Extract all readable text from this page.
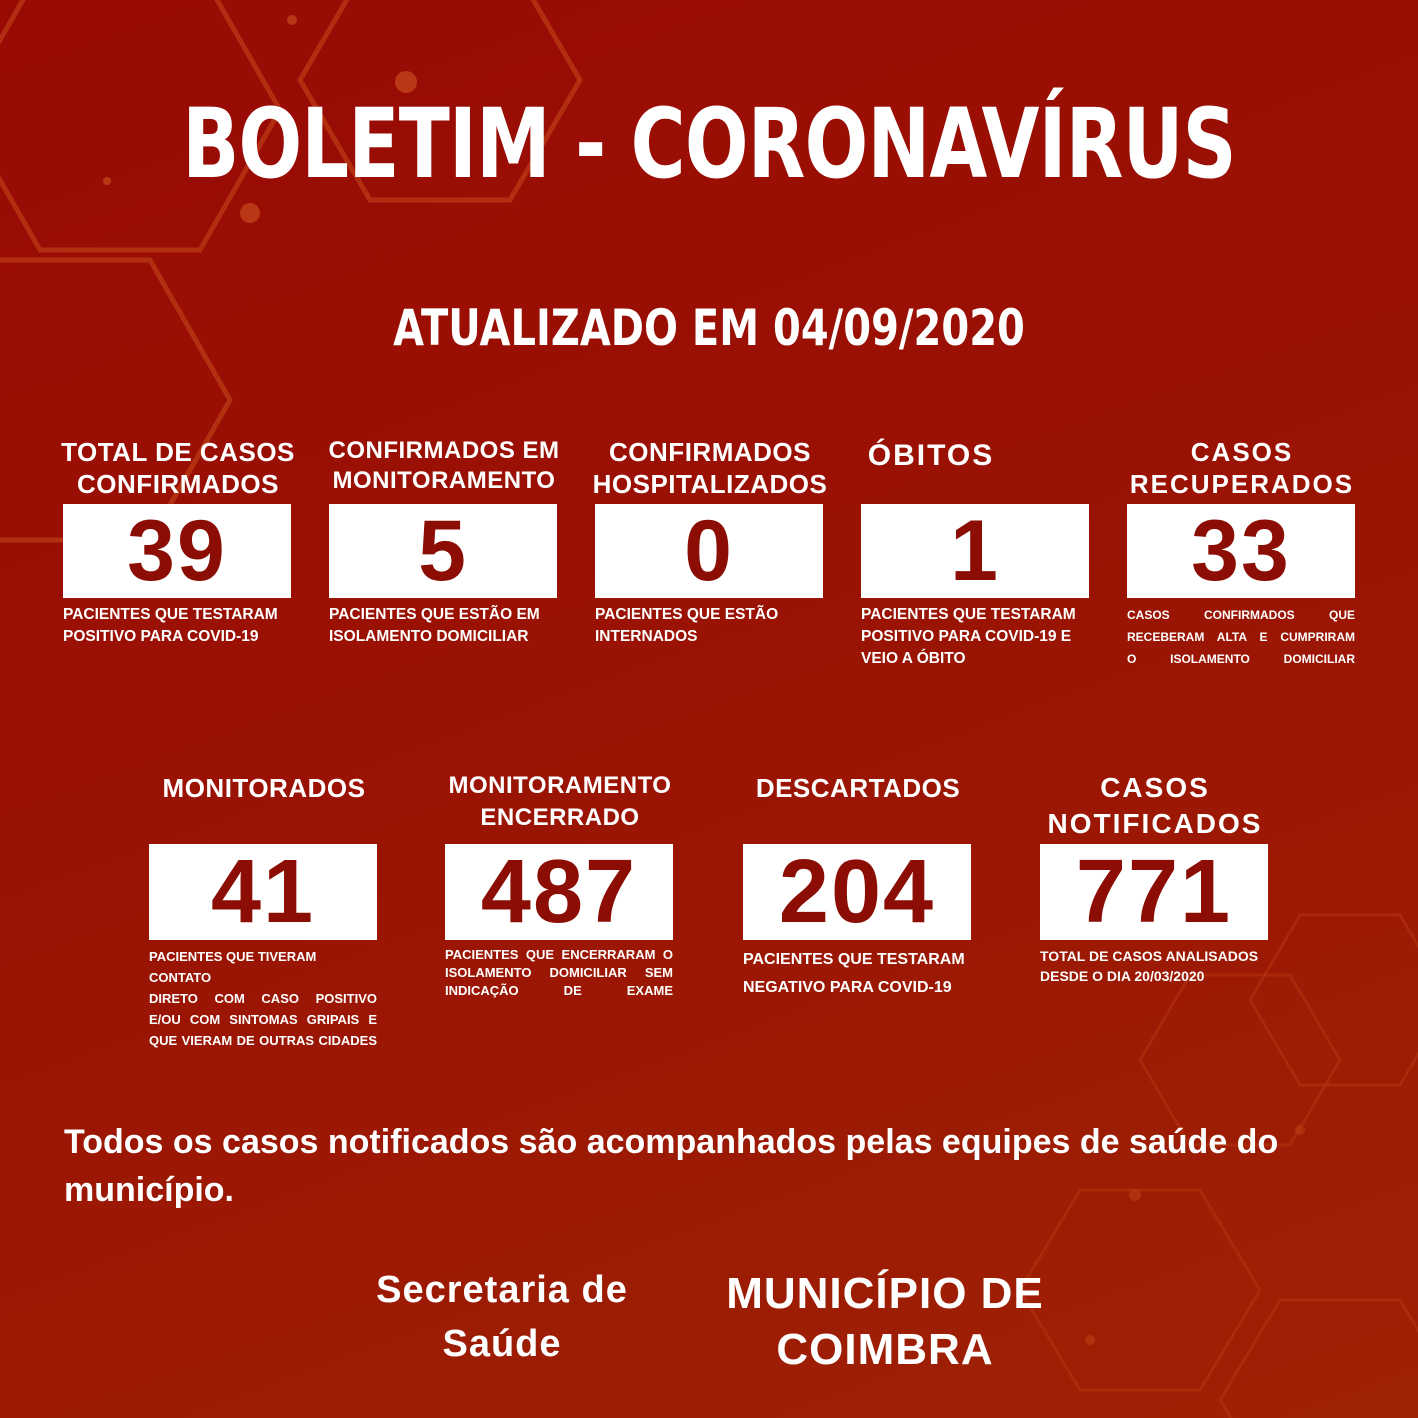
BOLETIM - CORONAVÍRUS
ATUALIZADO EM 04/09/2020
TOTAL DE CASOS
CONFIRMADOS
39
PACIENTES QUE TESTARAM
POSITIVO PARA COVID-19
CONFIRMADOS EM
MONITORAMENTO
5
PACIENTES QUE ESTÃO EM
ISOLAMENTO DOMICILIAR
CONFIRMADOS
HOSPITALIZADOS
0
PACIENTES QUE ESTÃO
INTERNADOS
ÓBITOS
1
PACIENTES QUE TESTARAM
POSITIVO PARA COVID-19 E
VEIO A ÓBITO
CASOS
RECUPERADOS
33
CASOS CONFIRMADOS QUE
RECEBERAM ALTA E CUMPRIRAM
O ISOLAMENTO DOMICILIAR
MONITORADOS
41
PACIENTES QUE TIVERAM CONTATO
DIRETO COM CASO POSITIVO
E/OU COM SINTOMAS GRIPAIS E
QUE VIERAM DE OUTRAS CIDADES
MONITORAMENTO
ENCERRADO
487
PACIENTES QUE ENCERRARAM O
ISOLAMENTO DOMICILIAR SEM
INDICAÇÃO DE EXAME
DESCARTADOS
204
PACIENTES QUE TESTARAM
NEGATIVO PARA COVID-19
CASOS
NOTIFICADOS
771
TOTAL DE CASOS ANALISADOS
DESDE O DIA 20/03/2020
Todos os casos notificados são acompanhados pelas equipes de saúde do município.
Secretaria de
Saúde
MUNICÍPIO DE
COIMBRA
